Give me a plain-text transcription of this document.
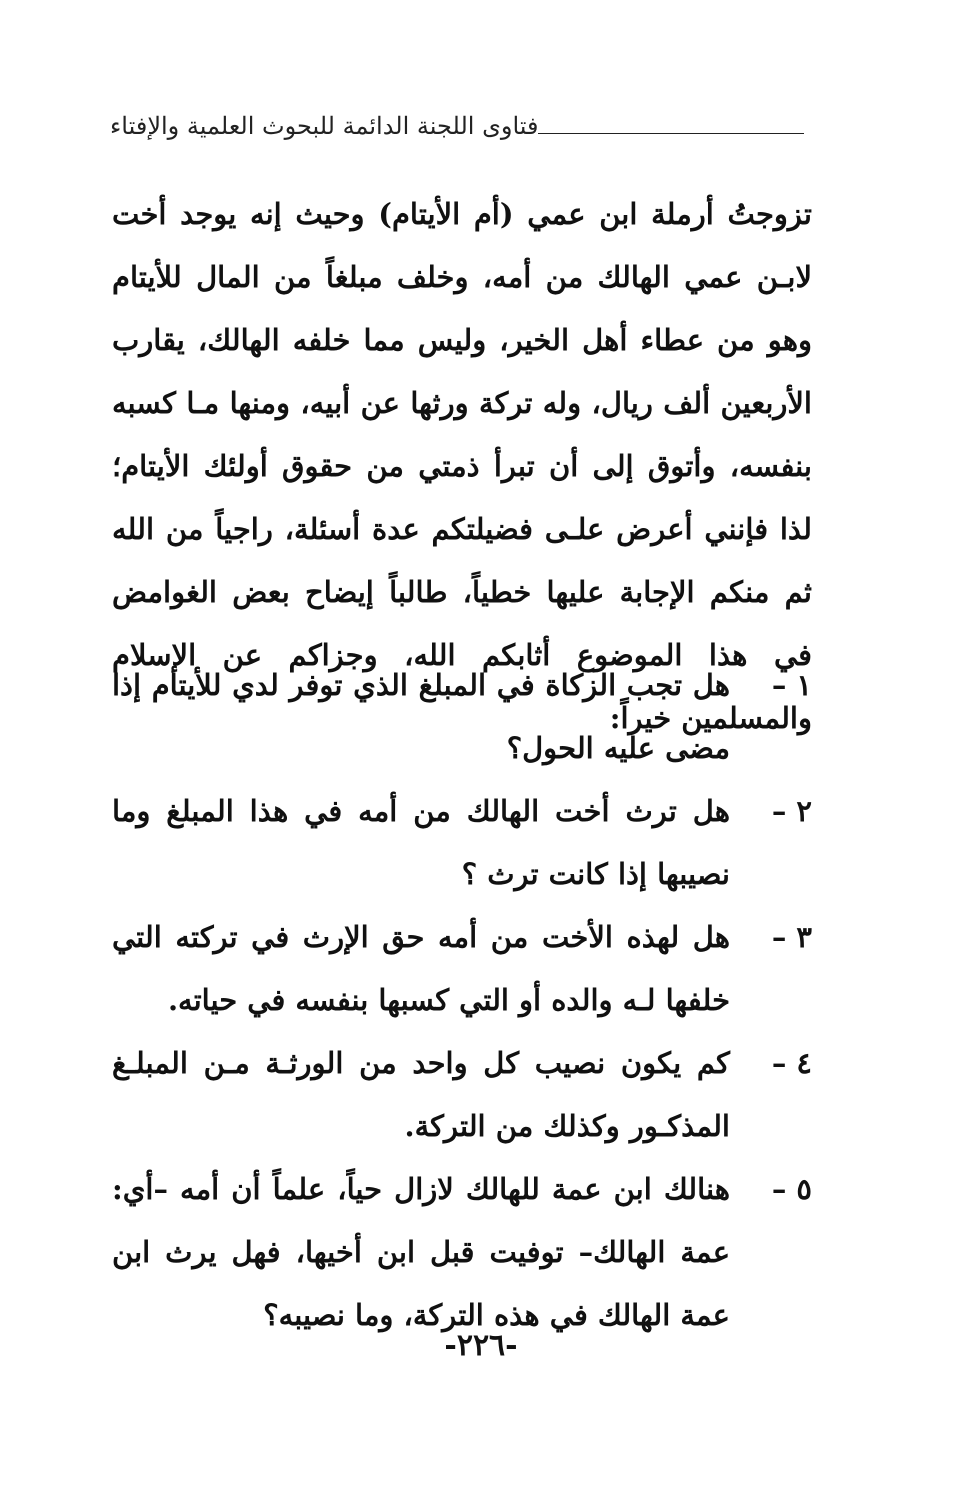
فتاوى اللجنة الدائمة للبحوث العلمية والإفتاء

تزوجتُ أرملة ابن عمي (أم الأيتام) وحيث إنه يوجد أخت لابـن عمي الهالك من أمه، وخلف مبلغاً من المال للأيتام وهو من عطاء أهل الخير، وليس مما خلفه الهالك، يقارب الأربعين ألف ريال، وله تركة ورثها عن أبيه، ومنها مـا كسبه بنفسه، وأتوق إلى أن تبرأ ذمتي من حقوق أولئك الأيتام؛ لذا فإنني أعرض علـى فضيلتكم عدة أسئلة، راجياً من الله ثم منكم الإجابة عليها خطياً، طالباً إيضاح بعض الغوامض في هذا الموضوع أثابكم الله، وجزاكم عن الإسلام والمسلمين خيراً:

١ –
هل تجب الزكاة في المبلغ الذي توفر لدي للأيتام إذا مضى عليه الحول؟
٢ –
هل ترث أخت الهالك من أمه في هذا المبلغ وما نصيبها إذا كانت ترث ؟
٣ –
هل لهذه الأخت من أمه حق الإرث في تركته التي خلفها لـه والده أو التي كسبها بنفسه في حياته.
٤ –
كم يكون نصيب كل واحد من الورثـة مـن المبلـغ المذكـور وكذلك من التركة.
٥ –
هنالك ابن عمة للهالك لازال حياً، علماً أن أمه –أي: عمة الهالك– توفيت قبل ابن أخيها، فهل يرث ابن عمة الهالك في هذه التركة، وما نصيبه؟
-٢٢٦-
